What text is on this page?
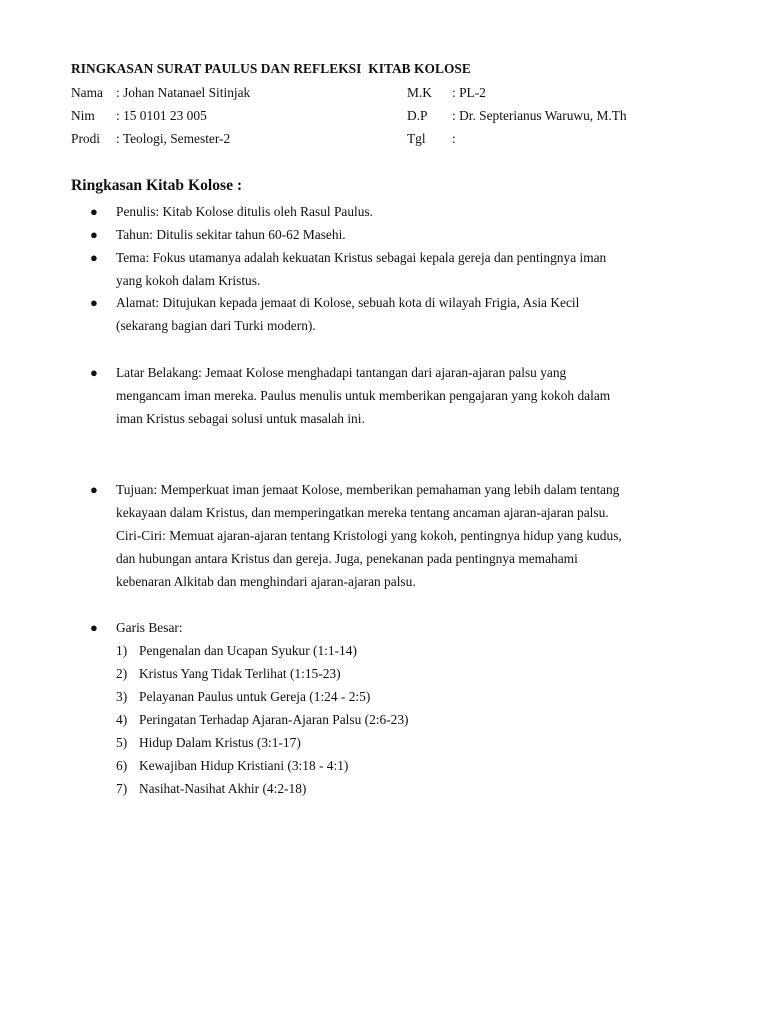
RINGKASAN SURAT PAULUS DAN REFLEKSI  KITAB KOLOSE
Nama : Johan Natanael Sitinjak	M.K : PL-2
Nim : 15 0101 23 005	D.P : Dr. Septerianus Waruwu, M.Th
Prodi : Teologi, Semester-2	Tgl :
Ringkasan Kitab Kolose :
● Penulis: Kitab Kolose ditulis oleh Rasul Paulus.
● Tahun: Ditulis sekitar tahun 60-62 Masehi.
● Tema: Fokus utamanya adalah kekuatan Kristus sebagai kepala gereja dan pentingnya iman
yang kokoh dalam Kristus.
● Alamat: Ditujukan kepada jemaat di Kolose, sebuah kota di wilayah Frigia, Asia Kecil
(sekarang bagian dari Turki modern).
● Latar Belakang: Jemaat Kolose menghadapi tantangan dari ajaran-ajaran palsu yang
mengancam iman mereka. Paulus menulis untuk memberikan pengajaran yang kokoh dalam
iman Kristus sebagai solusi untuk masalah ini.
● Tujuan: Memperkuat iman jemaat Kolose, memberikan pemahaman yang lebih dalam tentang
kekayaan dalam Kristus, dan memperingatkan mereka tentang ancaman ajaran-ajaran palsu.
Ciri-Ciri: Memuat ajaran-ajaran tentang Kristologi yang kokoh, pentingnya hidup yang kudus,
dan hubungan antara Kristus dan gereja. Juga, penekanan pada pentingnya memahami
kebenaran Alkitab dan menghindari ajaran-ajaran palsu.
● Garis Besar:
1) Pengenalan dan Ucapan Syukur (1:1-14)
2) Kristus Yang Tidak Terlihat (1:15-23)
3) Pelayanan Paulus untuk Gereja (1:24 - 2:5)
4) Peringatan Terhadap Ajaran-Ajaran Palsu (2:6-23)
5) Hidup Dalam Kristus (3:1-17)
6) Kewajiban Hidup Kristiani (3:18 - 4:1)
7) Nasihat-Nasihat Akhir (4:2-18)
